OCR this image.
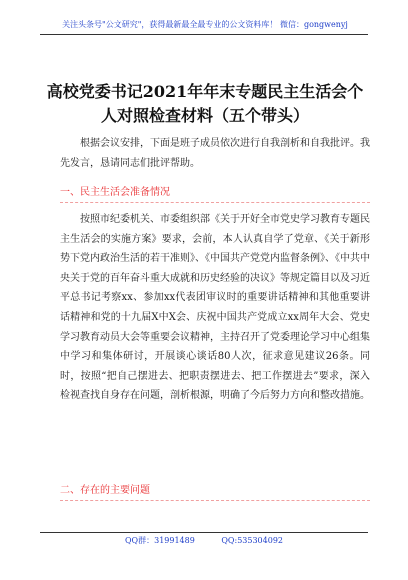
关注头条号"公文研究"，获得最新最全最专业的公文资料库！ 微信：gongwenyj
高校党委书记2021年年末专题民主生活会个人对照检查材料（五个带头）
根据会议安排，下面是班子成员依次进行自我剖析和自我批评。我先发言，恳请同志们批评帮助。
一、民主生活会准备情况
按照市纪委机关、市委组织部《关于开好全市党史学习教育专题民主生活会的实施方案》要求，会前，本人认真自学了党章、《关于新形势下党内政治生活的若干准则》、《中国共产党党内监督条例》、《中共中央关于党的百年奋斗重大成就和历史经验的决议》等规定篇目以及习近平总书记考察xx、参加xx代表团审议时的重要讲话精神和其他重要讲话精神和党的十九届X中X会、庆祝中国共产党成立xx周年大会、党史学习教育动员大会等重要会议精神，主持召开了党委理论学习中心组集中学习和集体研讨，开展谈心谈话80人次，征求意见建议26条。同时，按照“把自己摆进去、把职责摆进去、把工作摆进去”要求，深入检视查找自身存在问题，剖析根源，明确了今后努力方向和整改措施。
二、存在的主要问题
QQ群：31991489	QQ:535304092
